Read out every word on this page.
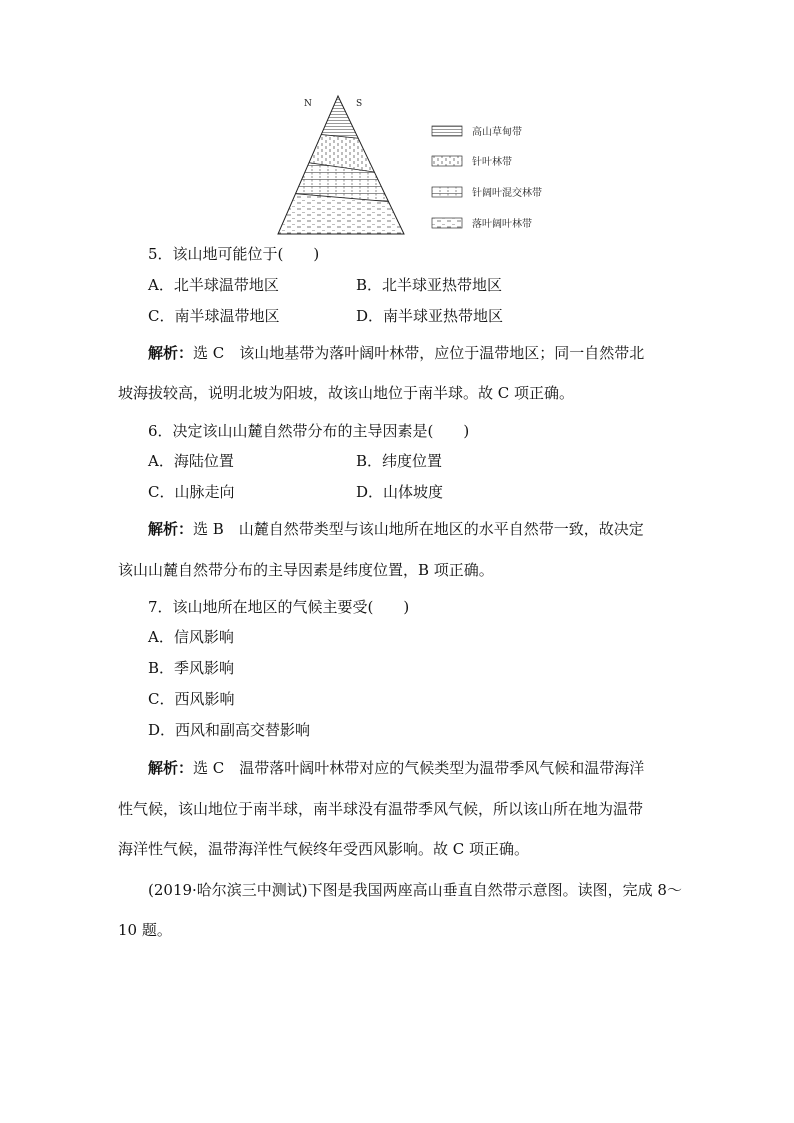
N	S
高山草甸带
针叶林带
针阔叶混交林带
落叶阔叶林带
5．该山地可能位于(　　)
A．北半球温带地区	B．北半球亚热带地区
C．南半球温带地区	D．南半球亚热带地区
解析：选 C　该山地基带为落叶阔叶林带，应位于温带地区；同一自然带北
坡海拔较高，说明北坡为阳坡，故该山地位于南半球。故 C 项正确。
6．决定该山山麓自然带分布的主导因素是(　　)
A．海陆位置	B．纬度位置
C．山脉走向	D．山体坡度
解析：选 B　山麓自然带类型与该山地所在地区的水平自然带一致，故决定
该山山麓自然带分布的主导因素是纬度位置，B 项正确。
7．该山地所在地区的气候主要受(　　)
A．信风影响
B．季风影响
C．西风影响
D．西风和副高交替影响
解析：选 C　温带落叶阔叶林带对应的气候类型为温带季风气候和温带海洋
性气候，该山地位于南半球，南半球没有温带季风气候，所以该山所在地为温带
海洋性气候，温带海洋性气候终年受西风影响。故 C 项正确。
(2019·哈尔滨三中测试)下图是我国两座高山垂直自然带示意图。读图，完成 8～
10 题。
